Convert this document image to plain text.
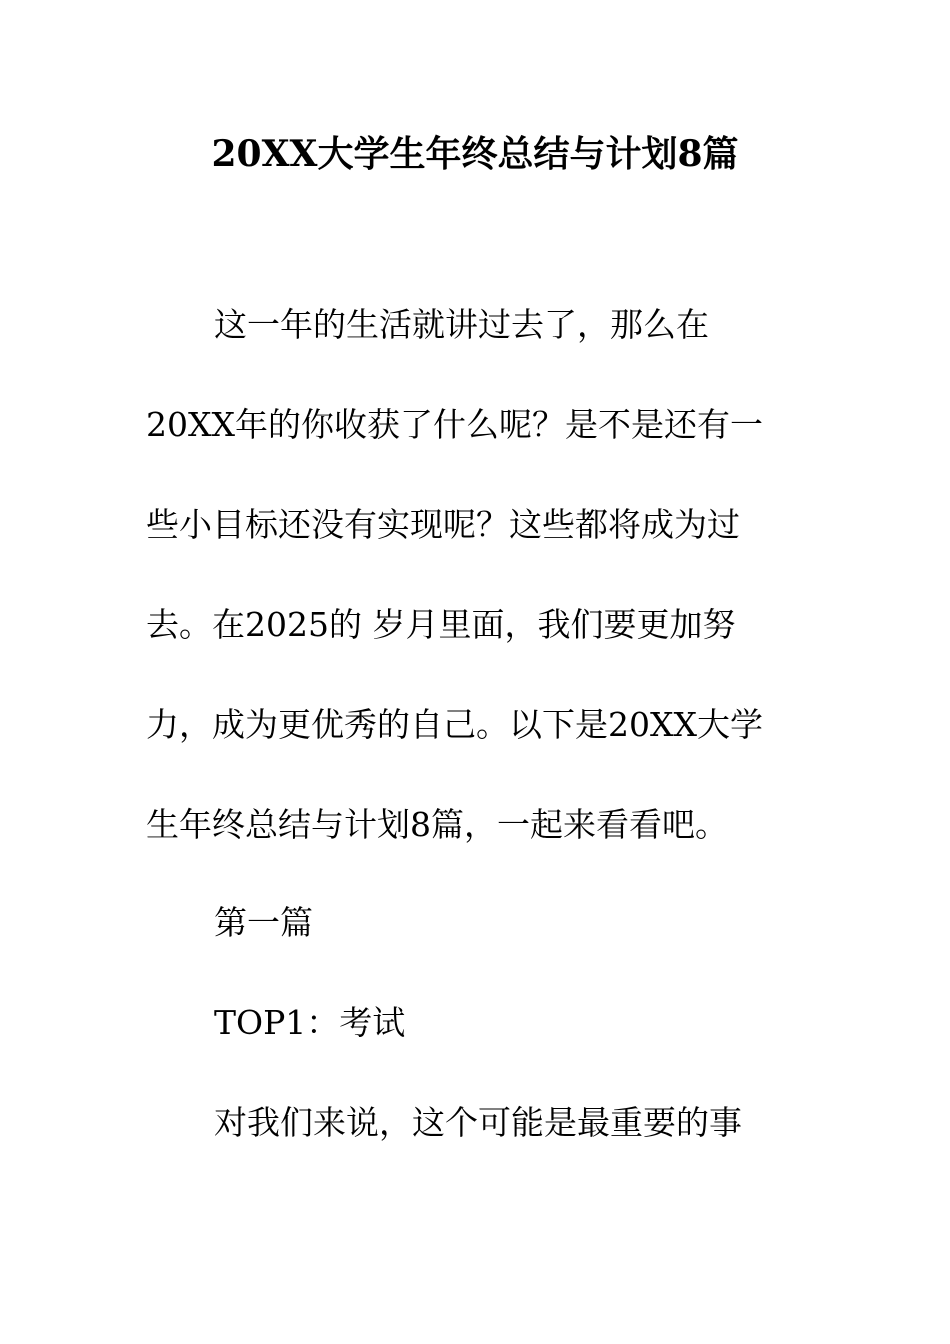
20XX大学生年终总结与计划8篇
这一年的生活就讲过去了，那么在
20XX年的你收获了什么呢？是不是还有一
些小目标还没有实现呢？这些都将成为过
去。在2025的 岁月里面，我们要更加努
力，成为更优秀的自己。以下是20XX大学
生年终总结与计划8篇，一起来看看吧。
第一篇
TOP1：考试
对我们来说，这个可能是最重要的事
